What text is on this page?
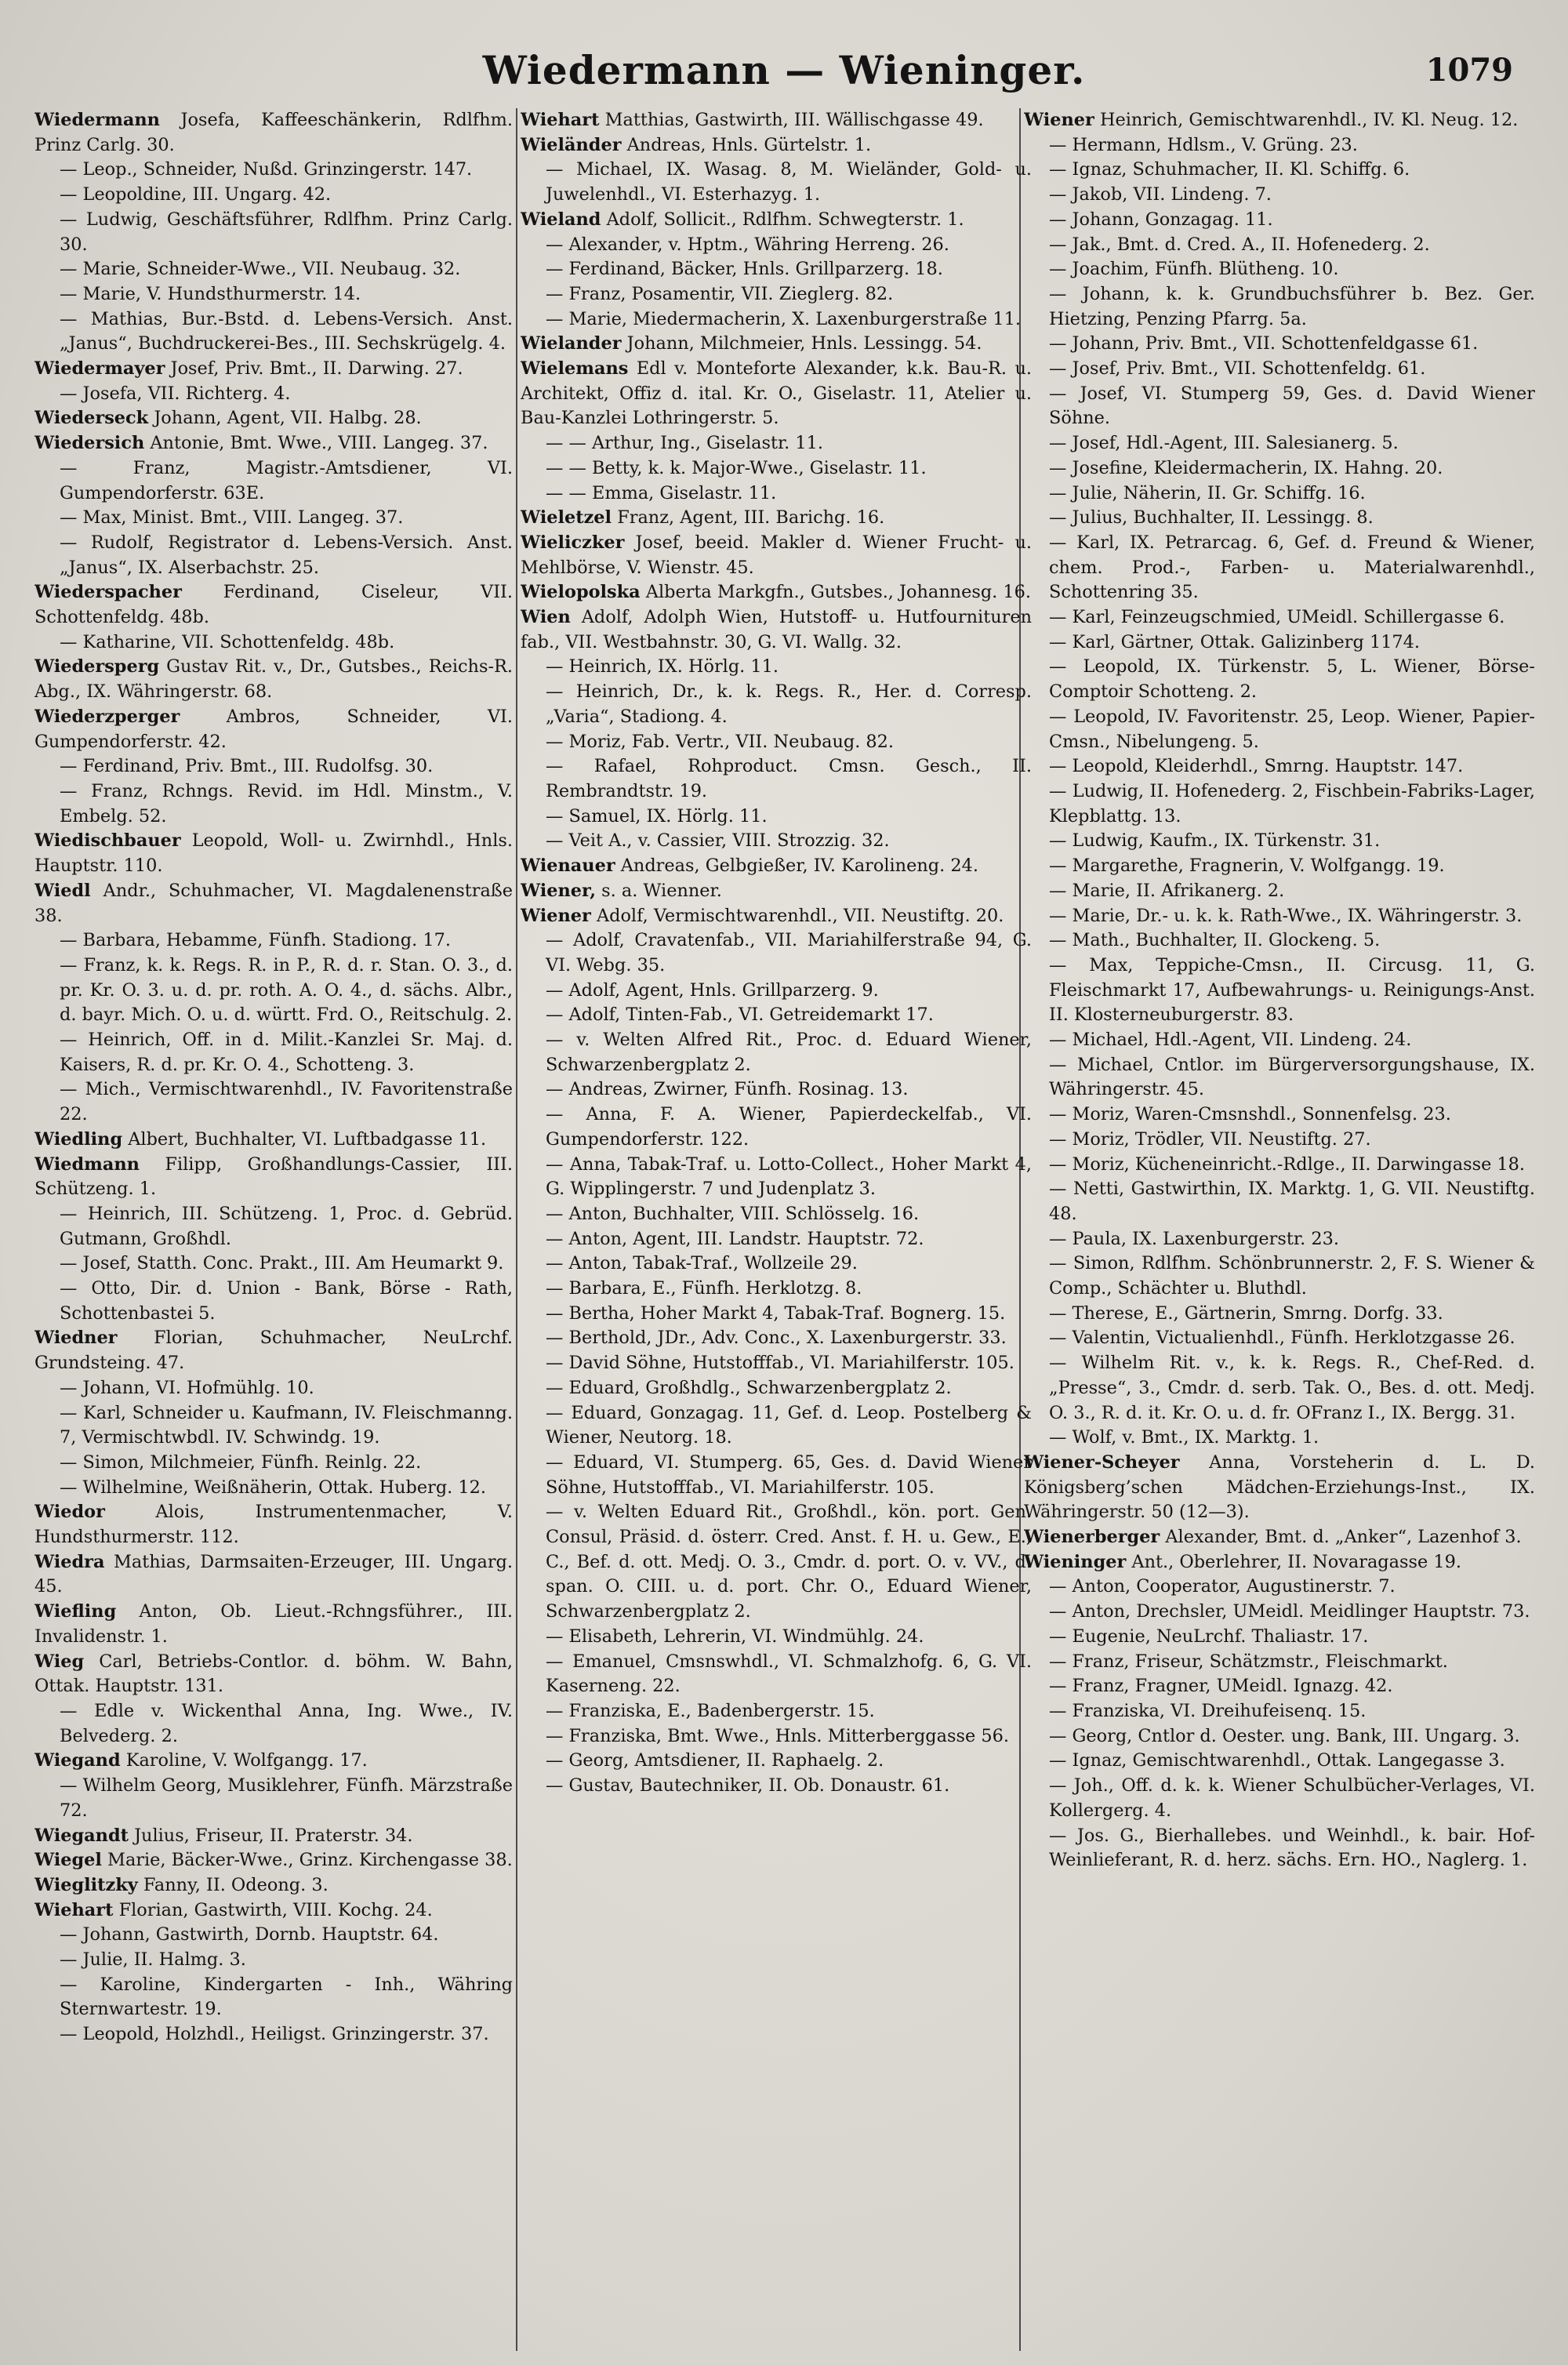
Wiedermann — Wieninger.	1079
Wiedermann Josefa, Kaffeeschänkerin, Rdlfhm. Prinz Carlg. 30.
— Leop., Schneider, Nußd. Grinzingerstr. 147.
— Leopoldine, III. Ungarg. 42.
— Ludwig, Geschäftsführer, Rdlfhm. Prinz Carlg. 30.
— Marie, Schneider-Wwe., VII. Neubaug. 32.
— Marie, V. Hundsthurmerstr. 14.
— Mathias, Bur.-Bstd. d. Lebens-Versich. Anst. „Janus“, Buchdruckerei-Bes., III. Sechskrügelg. 4.
Wiedermayer Josef, Priv. Bmt., II. Darwing. 27.
— Josefa, VII. Richterg. 4.
Wiederseck Johann, Agent, VII. Halbg. 28.
Wiedersich Antonie, Bmt. Wwe., VIII. Langeg. 37.
— Franz, Magistr.-Amtsdiener, VI. Gumpendorferstr. 63E.
— Max, Minist. Bmt., VIII. Langeg. 37.
— Rudolf, Registrator d. Lebens-Versich. Anst. „Janus“, IX. Alserbachstr. 25.
Wiederspacher Ferdinand, Ciseleur, VII. Schottenfeldg. 48b.
— Katharine, VII. Schottenfeldg. 48b.
Wiedersperg Gustav Rit. v., Dr., Gutsbes., Reichs-R. Abg., IX. Währingerstr. 68.
Wiederzperger	Ambros, Schneider, VI. Gumpendorferstr. 42.
— Ferdinand, Priv. Bmt., III. Rudolfsg. 30.
— Franz, Rchngs. Revid. im Hdl. Minstm., V. Embelg. 52.
Wiedischbauer Leopold, Woll- u. Zwirnhdl., Hnls. Hauptstr. 110.
Wiedl Andr., Schuhmacher, VI. Magdalenenstraße 38.
— Barbara, Hebamme, Fünfh. Stadiong. 17.
— Franz, k. k. Regs. R. in P., R. d. r. Stan. O. 3., d. pr. Kr. O. 3. u. d. pr. roth. A. O. 4., d. sächs. Albr., d. bayr. Mich. O. u. d. württ. Frd. O., Reitschulg. 2.
— Heinrich, Off. in d. Milit.-Kanzlei Sr. Maj. d. Kaisers, R. d. pr. Kr. O. 4., Schotteng. 3.
— Mich., Vermischtwarenhdl., IV. Favoritenstraße 22.
Wiedling Albert, Buchhalter, VI. Luftbadgasse 11.
Wiedmann Filipp, Großhandlungs-Cassier, III. Schützeng. 1.
— Heinrich, III. Schützeng. 1, Proc. d. Gebrüd. Gutmann, Großhdl.
— Josef, Statth. Conc. Prakt., III. Am Heumarkt 9.
— Otto, Dir. d. Union - Bank, Börse - Rath, Schottenbastei 5.
Wiedner Florian, Schuhmacher, NeuLrchf. Grundsteing. 47.
— Johann, VI. Hofmühlg. 10.
— Karl, Schneider u. Kaufmann, IV. Fleischmanng. 7, Vermischtwbdl. IV. Schwindg. 19.
— Simon, Milchmeier, Fünfh. Reinlg. 22.
— Wilhelmine, Weißnäherin, Ottak. Huberg. 12.
Wiedor	Alois, Instrumentenmacher, V. Hundsthurmerstr. 112.
Wiedra Mathias, Darmsaiten-Erzeuger, III. Ungarg. 45.
Wiefling Anton, Ob. Lieut.-Rchngsführer., III. Invalidenstr. 1.
Wieg Carl, Betriebs-Contlor. d. böhm. W. Bahn, Ottak. Hauptstr. 131.
— Edle v. Wickenthal Anna, Ing. Wwe., IV. Belvederg. 2.
Wiegand Karoline, V. Wolfgangg. 17.
— Wilhelm Georg, Musiklehrer, Fünfh. Märzstraße 72.
Wiegandt Julius, Friseur, II. Praterstr. 34.
Wiegel Marie, Bäcker-Wwe., Grinz. Kirchengasse 38.
Wieglitzky Fanny, II. Odeong. 3.
Wiehart Florian, Gastwirth, VIII. Kochg. 24.
— Johann, Gastwirth, Dornb. Hauptstr. 64.
— Julie, II. Halmg. 3.
— Karoline, Kindergarten - Inh., Währing Sternwartestr. 19.
— Leopold, Holzhdl., Heiligst. Grinzingerstr. 37.
Wiehart Matthias, Gastwirth, III. Wällischgasse 49.
Wieländer Andreas, Hnls. Gürtelstr. 1.
— Michael, IX. Wasag. 8, M. Wieländer, Gold- u. Juwelenhdl., VI. Esterhazyg. 1.
Wieland Adolf, Sollicit., Rdlfhm. Schwegterstr. 1.
— Alexander, v. Hptm., Währing Herreng. 26.
— Ferdinand, Bäcker, Hnls. Grillparzerg. 18.
— Franz, Posamentir, VII. Zieglerg. 82.
— Marie, Miedermacherin, X. Laxenburgerstraße 11.
Wielander Johann, Milchmeier, Hnls. Lessingg. 54.
Wielemans Edl v. Monteforte Alexander, k.k. Bau-R. u. Architekt, Offiz d. ital. Kr. O., Giselastr. 11, Atelier u. Bau-Kanzlei Lothringerstr. 5.
— — Arthur, Ing., Giselastr. 11.
— — Betty, k. k. Major-Wwe., Giselastr. 11.
— — Emma, Giselastr. 11.
Wieletzel Franz, Agent, III. Barichg. 16.
Wieliczker Josef, beeid. Makler d. Wiener Frucht- u. Mehlbörse, V. Wienstr. 45.
Wielopolska Alberta Markgfn., Gutsbes., Johannesg. 16.
Wien Adolf, Adolph Wien, Hutstoff- u. Hutfournituren fab., VII. Westbahnstr. 30, G. VI. Wallg. 32.
— Heinrich, IX. Hörlg. 11.
— Heinrich, Dr., k. k. Regs. R., Her. d. Corresp. „Varia“, Stadiong. 4.
— Moriz, Fab. Vertr., VII. Neubaug. 82.
— Rafael, Rohproduct. Cmsn. Gesch., II. Rembrandtstr. 19.
— Samuel, IX. Hörlg. 11.
— Veit A., v. Cassier, VIII. Strozzig. 32.
Wienauer Andreas, Gelbgießer, IV. Karolineng. 24.
Wiener, s. a. Wienner.
Wiener Adolf, Vermischtwarenhdl., VII. Neustiftg. 20.
— Adolf, Cravatenfab., VII. Mariahilferstraße 94, G. VI. Webg. 35.
— Adolf, Agent, Hnls. Grillparzerg. 9.
— Adolf, Tinten-Fab., VI. Getreidemarkt 17.
— v. Welten Alfred Rit., Proc. d. Eduard Wiener, Schwarzenbergplatz 2.
— Andreas, Zwirner, Fünfh. Rosinag. 13.
— Anna, F. A. Wiener, Papierdeckelfab., VI. Gumpendorferstr. 122.
— Anna, Tabak-Traf. u. Lotto-Collect., Hoher Markt 4, G. Wipplingerstr. 7 und Judenplatz 3.
— Anton, Buchhalter, VIII. Schlösselg. 16.
— Anton, Agent, III. Landstr. Hauptstr. 72.
— Anton, Tabak-Traf., Wollzeile 29.
— Barbara, E., Fünfh. Herklotzg. 8.
— Bertha, Hoher Markt 4, Tabak-Traf. Bognerg. 15.
— Berthold, JDr., Adv. Conc., X. Laxenburgerstr. 33.
— David Söhne, Hutstofffab., VI. Mariahilferstr. 105.
— Eduard, Großhdlg., Schwarzenbergplatz 2.
— Eduard, Gonzagag. 11, Gef. d. Leop. Postelberg & Wiener, Neutorg. 18.
— Eduard, VI. Stumperg. 65, Ges. d. David Wiener Söhne, Hutstofffab., VI. Mariahilferstr. 105.
— v. Welten Eduard Rit., Großhdl., kön. port. Gen. Consul, Präsid. d. österr. Cred. Anst. f. H. u. Gew., E., C., Bef. d. ott. Medj. O. 3., Cmdr. d. port. O. v. VV., d. span. O. CIII. u. d. port. Chr. O., Eduard Wiener, Schwarzenbergplatz 2.
— Elisabeth, Lehrerin, VI. Windmühlg. 24.
— Emanuel, Cmsnswhdl., VI. Schmalzhofg. 6, G. VI. Kaserneng. 22.
— Franziska, E., Badenbergerstr. 15.
— Franziska, Bmt. Wwe., Hnls. Mitterberggasse 56.
— Georg, Amtsdiener, II. Raphaelg. 2.
— Gustav, Bautechniker, II. Ob. Donaustr. 61.
Wiener Heinrich, Gemischtwarenhdl., IV. Kl. Neug. 12.
— Hermann, Hdlsm., V. Grüng. 23.
— Ignaz, Schuhmacher, II. Kl. Schiffg. 6.
— Jakob, VII. Lindeng. 7.
— Johann, Gonzagag. 11.
— Jak., Bmt. d. Cred. A., II. Hofenederg. 2.
— Joachim, Fünfh. Blütheng. 10.
— Johann, k. k. Grundbuchsführer b. Bez. Ger. Hietzing, Penzing Pfarrg. 5a.
— Johann, Priv. Bmt., VII. Schottenfeldgasse 61.
— Josef, Priv. Bmt., VII. Schottenfeldg. 61.
— Josef, VI. Stumperg 59, Ges. d. David Wiener Söhne.
— Josef, Hdl.-Agent, III. Salesianerg. 5.
— Josefine, Kleidermacherin, IX. Hahng. 20.
— Julie, Näherin, II. Gr. Schiffg. 16.
— Julius, Buchhalter, II. Lessingg. 8.
— Karl, IX. Petrarcag. 6, Gef. d. Freund & Wiener, chem. Prod.-, Farben- u. Materialwarenhdl., Schottenring 35.
— Karl, Feinzeugschmied, UMeidl. Schillergasse 6.
— Karl, Gärtner, Ottak. Galizinberg 1174.
— Leopold, IX. Türkenstr. 5, L. Wiener, Börse-Comptoir Schotteng. 2.
— Leopold, IV. Favoritenstr. 25, Leop. Wiener, Papier-Cmsn., Nibelungeng. 5.
— Leopold, Kleiderhdl., Smrng. Hauptstr. 147.
— Ludwig, II. Hofenederg. 2, Fischbein-Fabriks-Lager, Klepblattg. 13.
— Ludwig, Kaufm., IX. Türkenstr. 31.
— Margarethe, Fragnerin, V. Wolfgangg. 19.
— Marie, II. Afrikanerg. 2.
— Marie, Dr.- u. k. k. Rath-Wwe., IX. Währingerstr. 3.
— Math., Buchhalter, II. Glockeng. 5.
— Max, Teppiche-Cmsn., II. Circusg. 11, G. Fleischmarkt 17, Aufbewahrungs- u. Reinigungs-Anst. II. Klosterneuburgerstr. 83.
— Michael, Hdl.-Agent, VII. Lindeng. 24.
— Michael, Cntlor. im Bürgerversorgungshause, IX. Währingerstr. 45.
— Moriz, Waren-Cmsnshdl., Sonnenfelsg. 23.
— Moriz, Trödler, VII. Neustiftg. 27.
— Moriz, Kücheneinricht.-Rdlge., II. Darwingasse 18.
— Netti, Gastwirthin, IX. Marktg. 1, G. VII. Neustiftg. 48.
— Paula, IX. Laxenburgerstr. 23.
— Simon, Rdlfhm. Schönbrunnerstr. 2, F. S. Wiener & Comp., Schächter u. Bluthdl.
— Therese, E., Gärtnerin, Smrng. Dorfg. 33.
— Valentin, Victualienhdl., Fünfh. Herklotzgasse 26.
— Wilhelm Rit. v., k. k. Regs. R., Chef-Red. d. „Presse“, 3., Cmdr. d. serb. Tak. O., Bes. d. ott. Medj. O. 3., R. d. it. Kr. O. u. d. fr. OFranz I., IX. Bergg. 31.
— Wolf, v. Bmt., IX. Marktg. 1.
Wiener-Scheyer Anna, Vorsteherin d. L. D. Königsberg’schen Mädchen-Erziehungs-Inst., IX. Währingerstr. 50 (12—3).
Wienerberger Alexander, Bmt. d. „Anker“, Lazenhof 3.
Wieninger Ant., Oberlehrer, II. Novaragasse 19.
— Anton, Cooperator, Augustinerstr. 7.
— Anton, Drechsler, UMeidl. Meidlinger Hauptstr. 73.
— Eugenie, NeuLrchf. Thaliastr. 17.
— Franz, Friseur, Schätzmstr., Fleischmarkt.
— Franz, Fragner, UMeidl. Ignazg. 42.
— Franziska, VI. Dreihufeisenq. 15.
— Georg, Cntlor d. Oester. ung. Bank, III. Ungarg. 3.
— Ignaz, Gemischtwarenhdl., Ottak. Langegasse 3.
— Joh., Off. d. k. k. Wiener Schulbücher-Verlages, VI. Kollergerg. 4.
— Jos. G., Bierhallebes. und Weinhdl., k. bair. Hof-Weinlieferant, R. d. herz. sächs. Ern. HO., Naglerg. 1.
